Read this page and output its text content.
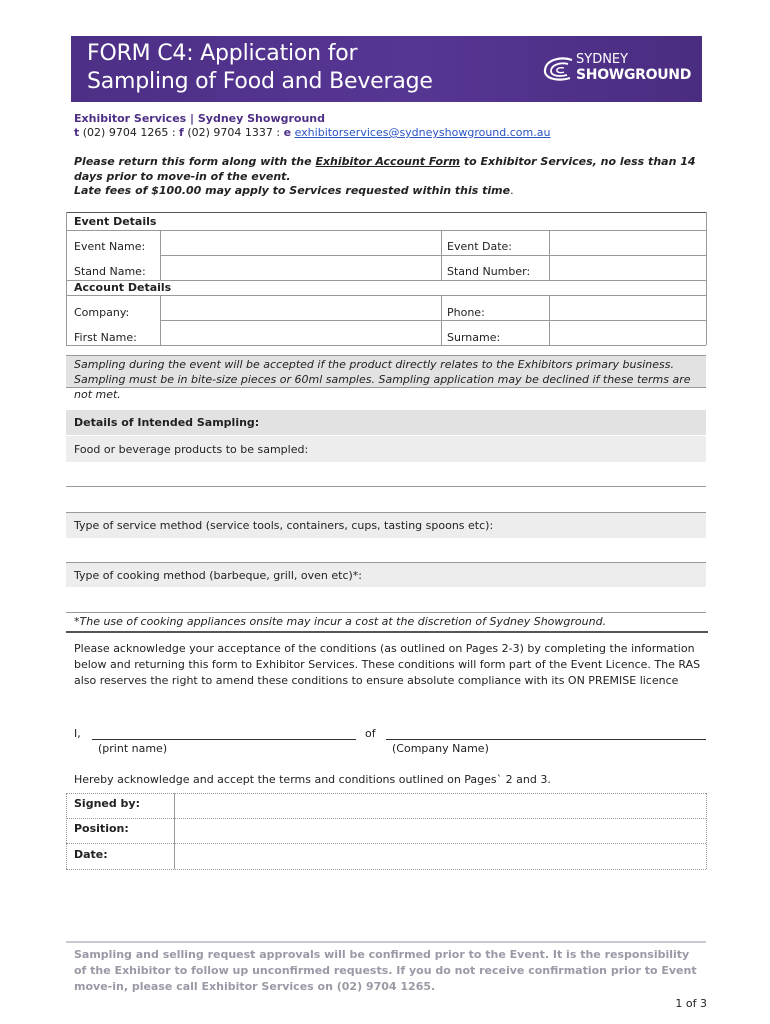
FORM C4: Application for
Sampling of Food and Beverage
SYDNEY
SHOWGROUND
Exhibitor Services | Sydney Showground
t (02) 9704 1265 : f (02) 9704 1337 : e exhibitorservices@sydneyshowground.com.au
Please return this form along with the Exhibitor Account Form to Exhibitor Services, no less than 14 days prior to move-in of the event.
Late fees of $100.00 may apply to Services requested within this time.
Event Details
Event Name:	Event Date:
Stand Name:	Stand Number:
Account Details
Company:	Phone:
First Name:	Surname:
Sampling during the event will be accepted if the product directly relates to the Exhibitors primary business. Sampling must be in bite-size pieces or 60ml samples. Sampling application may be declined if these terms are not met.
Details of Intended Sampling:
Food or beverage products to be sampled:
Type of service method (service tools, containers, cups, tasting spoons etc):
Type of cooking method (barbeque, grill, oven etc)*:
*The use of cooking appliances onsite may incur a cost at the discretion of Sydney Showground.
Please acknowledge your acceptance of the conditions (as outlined on Pages 2-3) by completing the information below and returning this form to Exhibitor Services. These conditions will form part of the Event Licence. The RAS also reserves the right to amend these conditions to ensure absolute compliance with its ON PREMISE licence
I,	of
(print name)	(Company Name)
Hereby acknowledge and accept the terms and conditions outlined on Pages` 2 and 3.
Signed by:
Position:
Date:
Sampling and selling request approvals will be confirmed prior to the Event. It is the responsibility of the Exhibitor to follow up unconfirmed requests. If you do not receive confirmation prior to Event move-in, please call Exhibitor Services on (02) 9704 1265.
1 of 3
